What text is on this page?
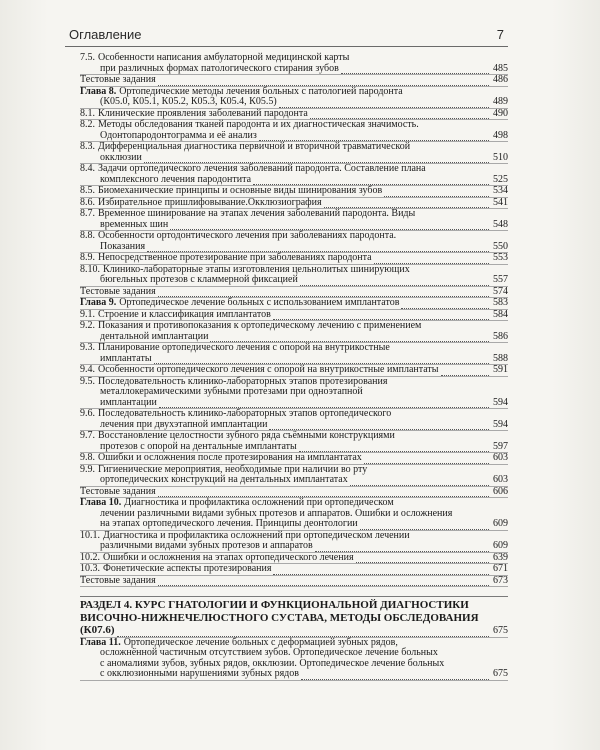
Оглавление	7
7.5. Особенности написания амбулаторной медицинской карты
при различных формах патологического стирания зубов	485
Тестовые задания	486
Глава 8. Ортопедические методы лечения больных с патологией пародонта
(К05.0, К05.1, К05.2, К05.3, К05.4, К05.5)	489
8.1. Клинические проявления заболеваний пародонта	490
8.2. Методы обследования тканей пародонта и их диагностическая значимость.
Одонтопародонтограмма и её анализ	498
8.3. Дифференциальная диагностика первичной и вторичной травматической
окклюзии	510
8.4. Задачи ортопедического лечения заболеваний пародонта. Составление плана
комплексного лечения пародонтита	525
8.5. Биомеханические принципы и основные виды шинирования зубов	534
8.6. Избирательное пришлифовывание.Окклюзиография	541
8.7. Временное шинирование на этапах лечения заболеваний пародонта. Виды
временных шин	548
8.8. Особенности ортодонтического лечения при заболеваниях пародонта.
Показания	550
8.9. Непосредственное протезирование при заболеваниях пародонта	553
8.10. Клинико-лабораторные этапы изготовления цельнолитых шинирующих
бюгельных протезов с кламмерной фиксацией	557
Тестовые задания	574
Глава 9. Ортопедическое лечение больных с использованием имплантатов	583
9.1. Строение и классификация имплантатов	584
9.2. Показания и противопоказания к ортопедическому лечению с применением
дентальной имплантации	586
9.3. Планирование ортопедического лечения с опорой на внутрикостные
имплантаты	588
9.4. Особенности ортопедического лечения с опорой на внутрикостные имплантаты	591
9.5. Последовательность клинико-лабораторных этапов протезирования
металлокерамическими зубными протезами при одноэтапной
имплантации	594
9.6. Последовательность клинико-лабораторных этапов ортопедического
лечения при двухэтапной имплантации	594
9.7. Восстановление целостности зубного ряда съёмными конструкциями
протезов с опорой на дентальные имплантаты	597
9.8. Ошибки и осложнения после протезирования на имплантатах	603
9.9. Гигиенические мероприятия, необходимые при наличии во рту
ортопедических конструкций на дентальных имплантатах	603
Тестовые задания	606
Глава 10. Диагностика и профилактика осложнений при ортопедическом
лечении различными видами зубных протезов и аппаратов. Ошибки и осложнения
на этапах ортопедического лечения. Принципы деонтологии	609
10.1. Диагностика и профилактика осложнений при ортопедическом лечении
различными видами зубных протезов и аппаратов	609
10.2. Ошибки и осложнения на этапах ортопедического лечения	639
10.3. Фонетические аспекты протезирования	671
Тестовые задания	673
РАЗДЕЛ 4. КУРС ГНАТОЛОГИИ И ФУНКЦИОНАЛЬНОЙ ДИАГНОСТИКИ
ВИСОЧНО-НИЖНЕЧЕЛЮСТНОГО СУСТАВА, МЕТОДЫ ОБСЛЕДОВАНИЯ
(К07.6)	675
Глава 11. Ортопедическое лечение больных с деформацией зубных рядов,
осложнённой частичным отсутствием зубов. Ортопедическое лечение больных
с аномалиями зубов, зубных рядов, окклюзии. Ортопедическое лечение больных
с окклюзионными нарушениями зубных рядов	675
